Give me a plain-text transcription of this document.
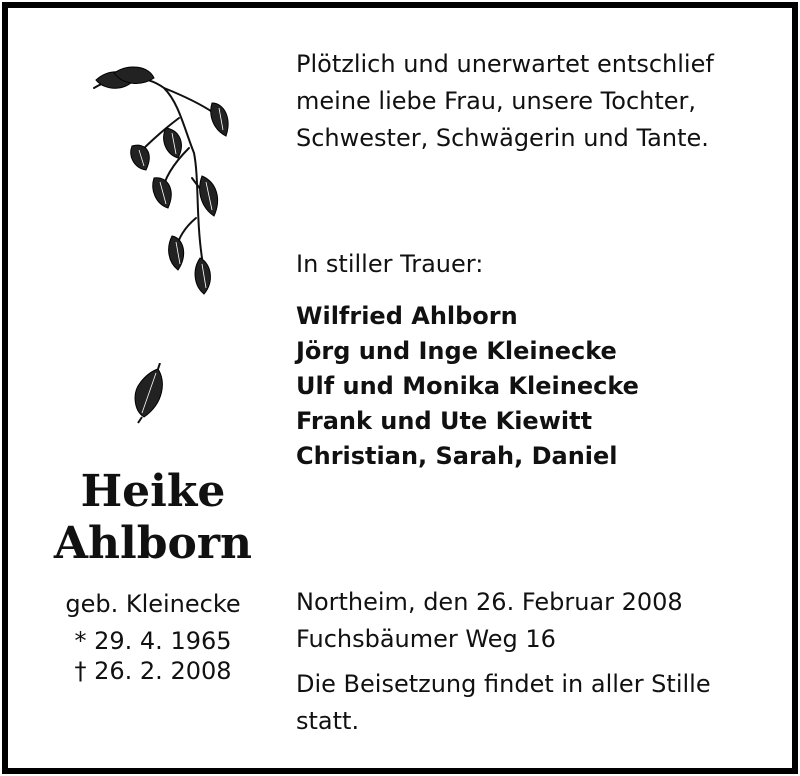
Heike
Ahlborn

geb. Kleinecke

* 29. 4. 1965

† 26. 2. 2008

Plötzlich und unerwartet entschlief

meine liebe Frau, unsere Tochter,

Schwester, Schwägerin und Tante.

In stiller Trauer:

Wilfried Ahlborn

Jörg und Inge Kleinecke

Ulf und Monika Kleinecke

Frank und Ute Kiewitt

Christian, Sarah, Daniel

Northeim, den 26. Februar 2008

Fuchsbäumer Weg 16

Die Beisetzung findet in aller Stille

statt.
